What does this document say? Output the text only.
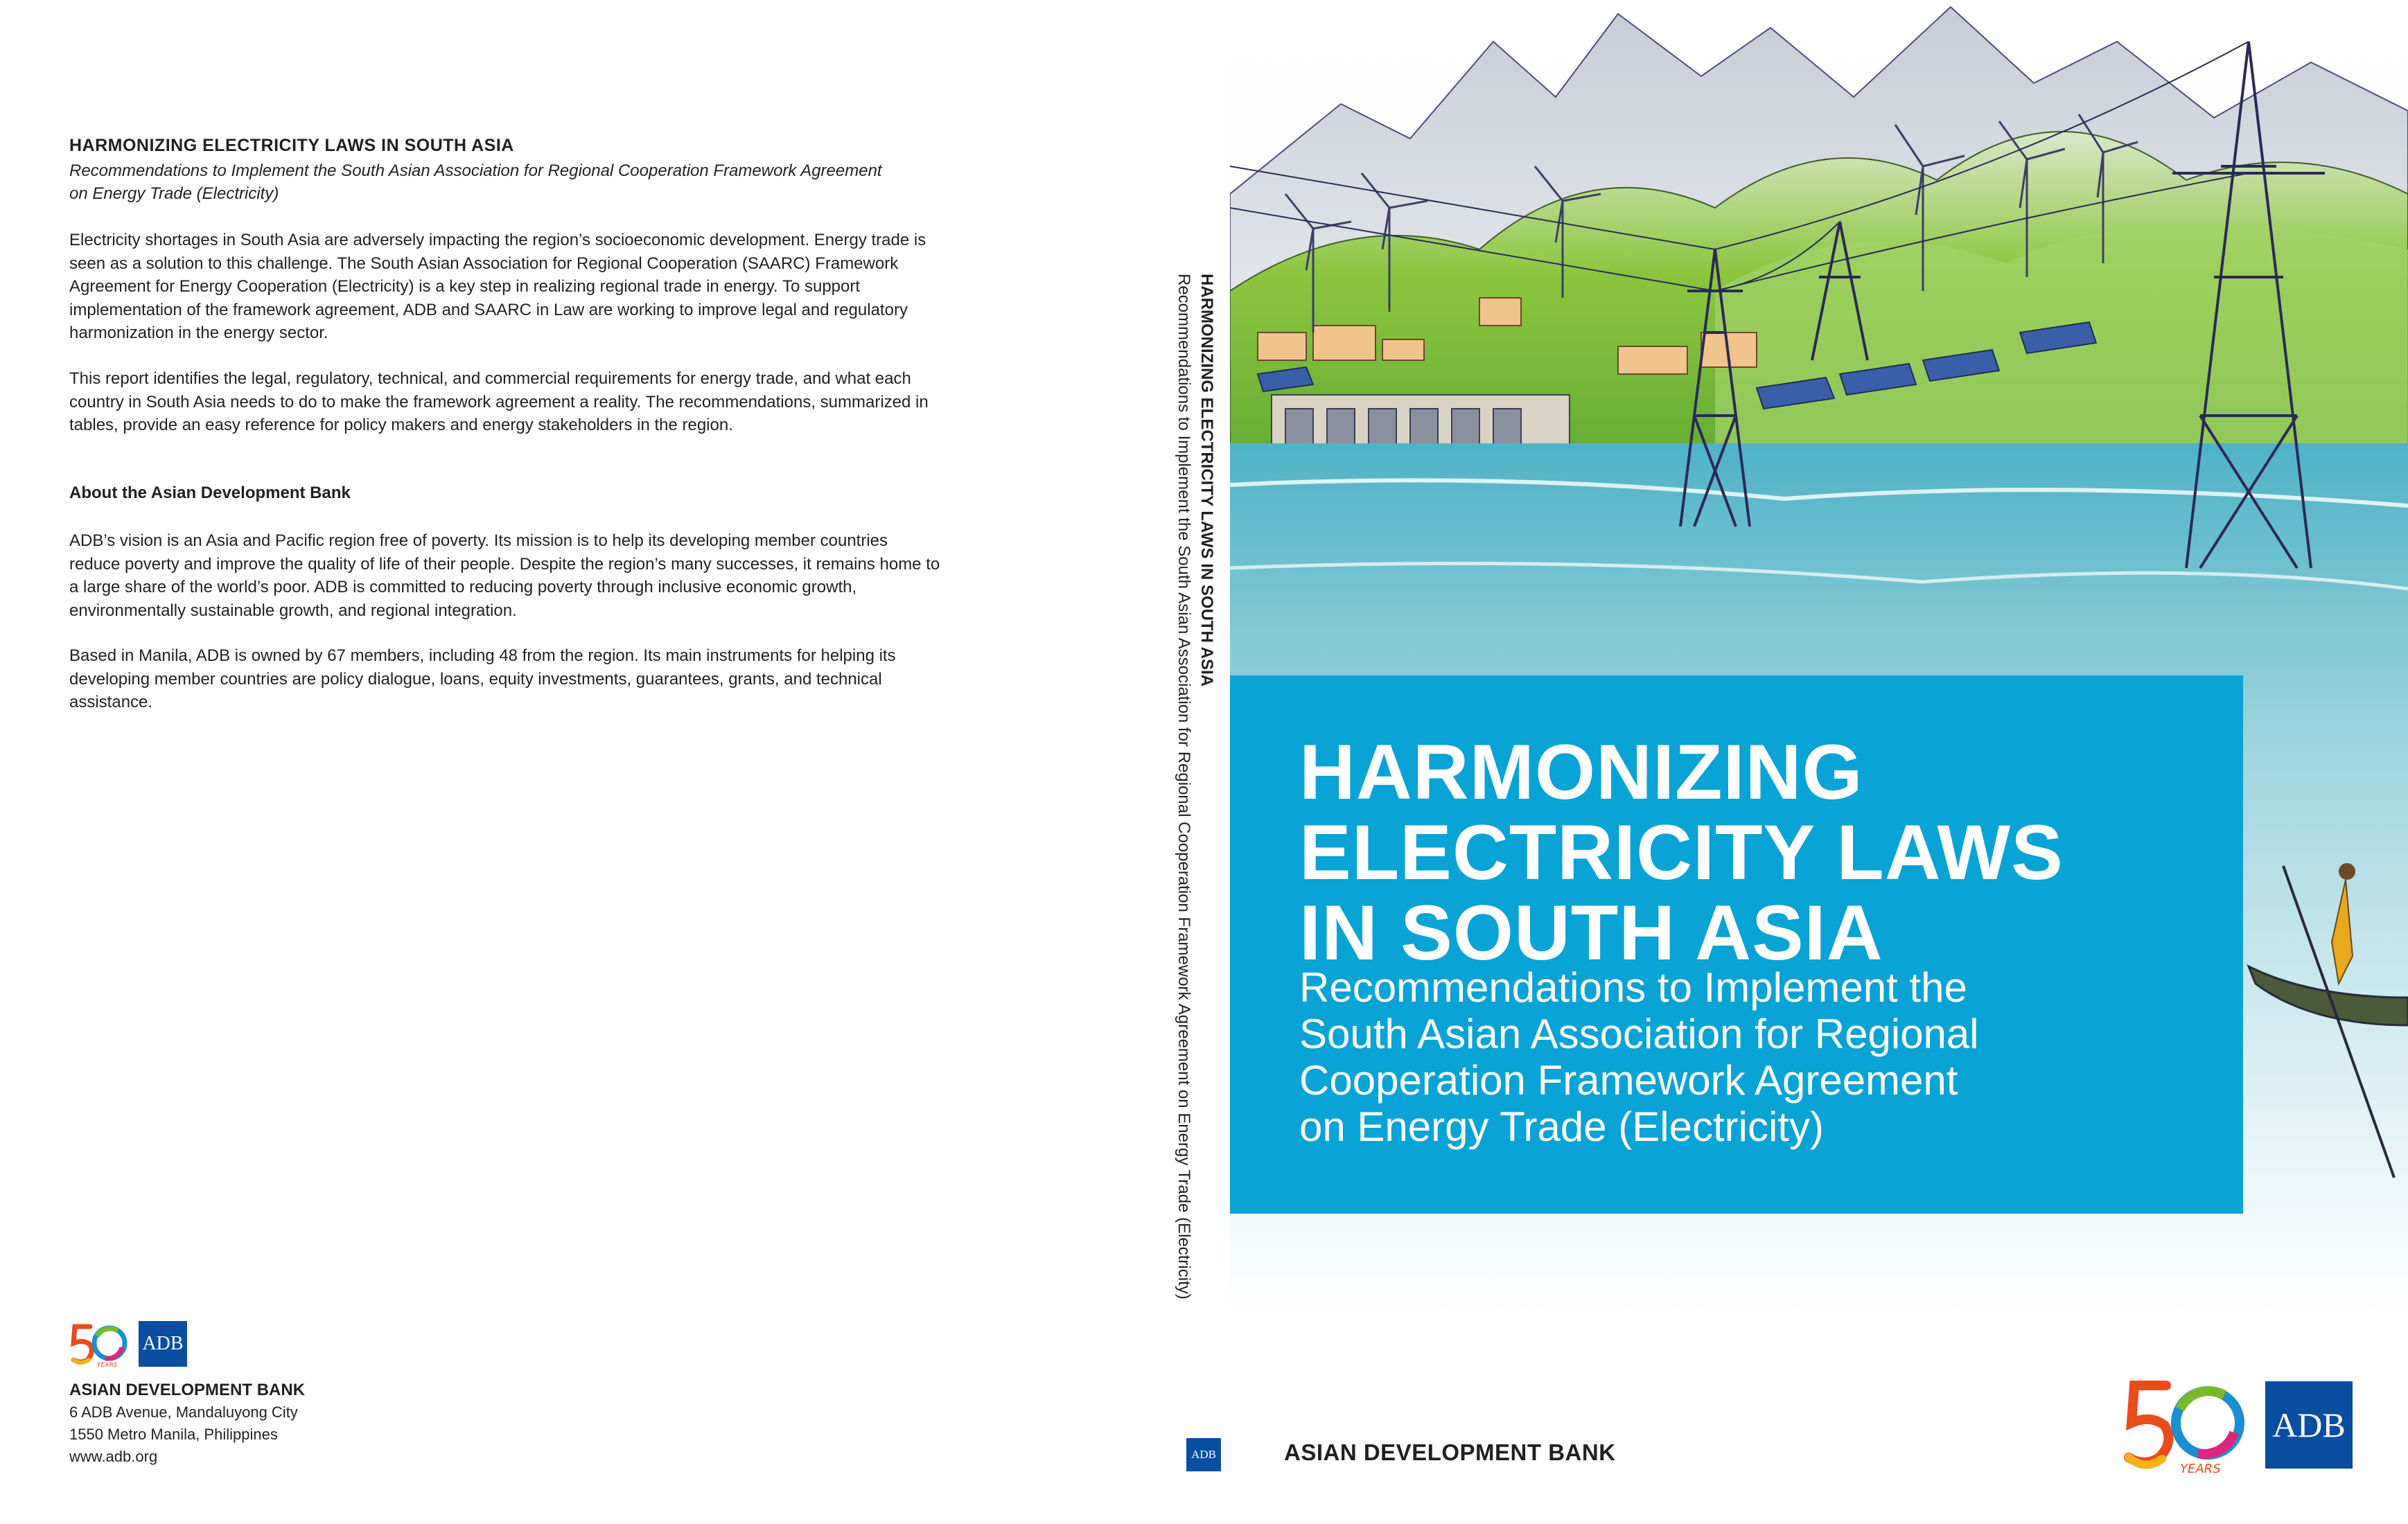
HARMONIZING ELECTRICITY LAWS IN SOUTH ASIA
Recommendations to Implement the South Asian Association for Regional Cooperation Framework Agreement
on Energy Trade (Electricity)

Electricity shortages in South Asia are adversely impacting the region’s socioeconomic development. Energy trade is seen as a solution to this challenge. The South Asian Association for Regional Cooperation (SAARC) Framework Agreement for Energy Cooperation (Electricity) is a key step in realizing regional trade in energy. To support implementation of the framework agreement, ADB and SAARC in Law are working to improve legal and regulatory harmonization in the energy sector.

This report identifies the legal, regulatory, technical, and commercial requirements for energy trade, and what each country in South Asia needs to do to make the framework agreement a reality. The recommendations, summarized in tables, provide an easy reference for policy makers and energy stakeholders in the region.

About the Asian Development Bank

ADB’s vision is an Asia and Pacific region free of poverty. Its mission is to help its developing member countries reduce poverty and improve the quality of life of their people. Despite the region’s many successes, it remains home to a large share of the world’s poor. ADB is committed to reducing poverty through inclusive economic growth, environmentally sustainable growth, and regional integration.

Based in Manila, ADB is owned by 67 members, including 48 from the region. Its main instruments for helping its developing member countries are policy dialogue, loans, equity investments, guarantees, grants, and technical assistance.

YEARS
ADB
ASIAN DEVELOPMENT BANK
6 ADB Avenue, Mandaluyong City
1550 Metro Manila, Philippines
www.adb.org
HARMONIZING ELECTRICITY LAWS IN SOUTH ASIA
Recommendations to Implement the South Asian Association for Regional Cooperation Framework Agreement on Energy Trade (Electricity)
ADB
HARMONIZING
ELECTRICITY LAWS
IN SOUTH ASIA
Recommendations to Implement the
South Asian Association for Regional
Cooperation Framework Agreement
on Energy Trade (Electricity)
ASIAN DEVELOPMENT BANK
YEARS
ADB
